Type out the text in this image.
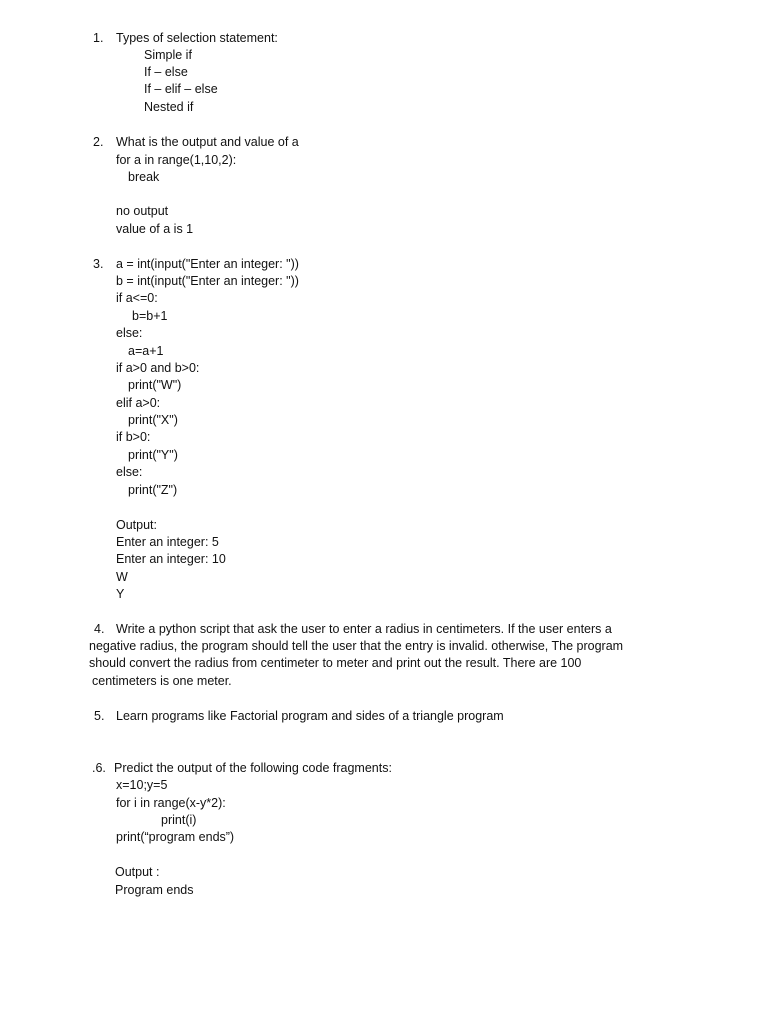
1. Types of selection statement:
Simple if
If – else
If – elif – else
Nested if
2. What is the output and value of a
for a in range(1,10,2):
break
no output
value of a is 1
3. a = int(input("Enter an integer: "))
b = int(input("Enter an integer: "))
if a<=0:
b=b+1
else:
a=a+1
if a>0 and b>0:
print("W")
elif a>0:
print("X")
if b>0:
print("Y")
else:
print("Z")
Output:
Enter an integer: 5
Enter an integer: 10
W
Y
4. Write a python script that ask the user to enter a radius in centimeters. If the user enters a
negative radius, the program should tell the user that the entry is invalid. otherwise, The program
should convert the radius from centimeter to meter and print out the result. There are 100
centimeters is one meter.
5. Learn programs like Factorial program and sides of a triangle program
.6. Predict the output of the following code fragments:
x=10;y=5
for i in range(x-y*2):
print(i)
print(“program ends”)
Output :
Program ends
